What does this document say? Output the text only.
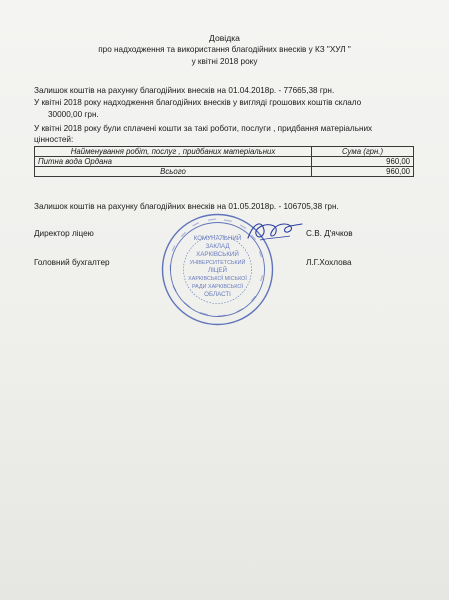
Довідка
про надходження та використання благодійних внесків у КЗ "ХУЛ "
у квітні 2018 року
Залишок коштів на рахунку благодійних внесків на 01.04.2018р. - 77665,38 грн.
У квітні 2018 року надходження благодійних внесків у вигляді грошових коштів склало
30000,00 грн.
У квітні 2018 року були сплачені кошти за такі роботи, послуги , придбання матеріальних
цінностей:
Найменування робіт, послуг , придбаних матеріальних	Сума (грн.)
Питна вода Ордана	960,00
Всього	960,00
Залишок коштів на рахунку благодійних внесків на 01.05.2018р. - 106705,38 грн.
Директор ліцею	С.В. Д'ячков
Головний бухгалтер	Л.Г.Хохлова
КОМУНАЛЬНИЙ
ЗАКЛАД
ХАРКІВСЬКИЙ
УНІВЕРСИТЕТСЬКИЙ
ЛІЦЕЙ
ХАРКІВСЬКОЇ МІСЬКОЇ
РАДИ ХАРКІВСЬКОЇ
ОБЛАСТІ
